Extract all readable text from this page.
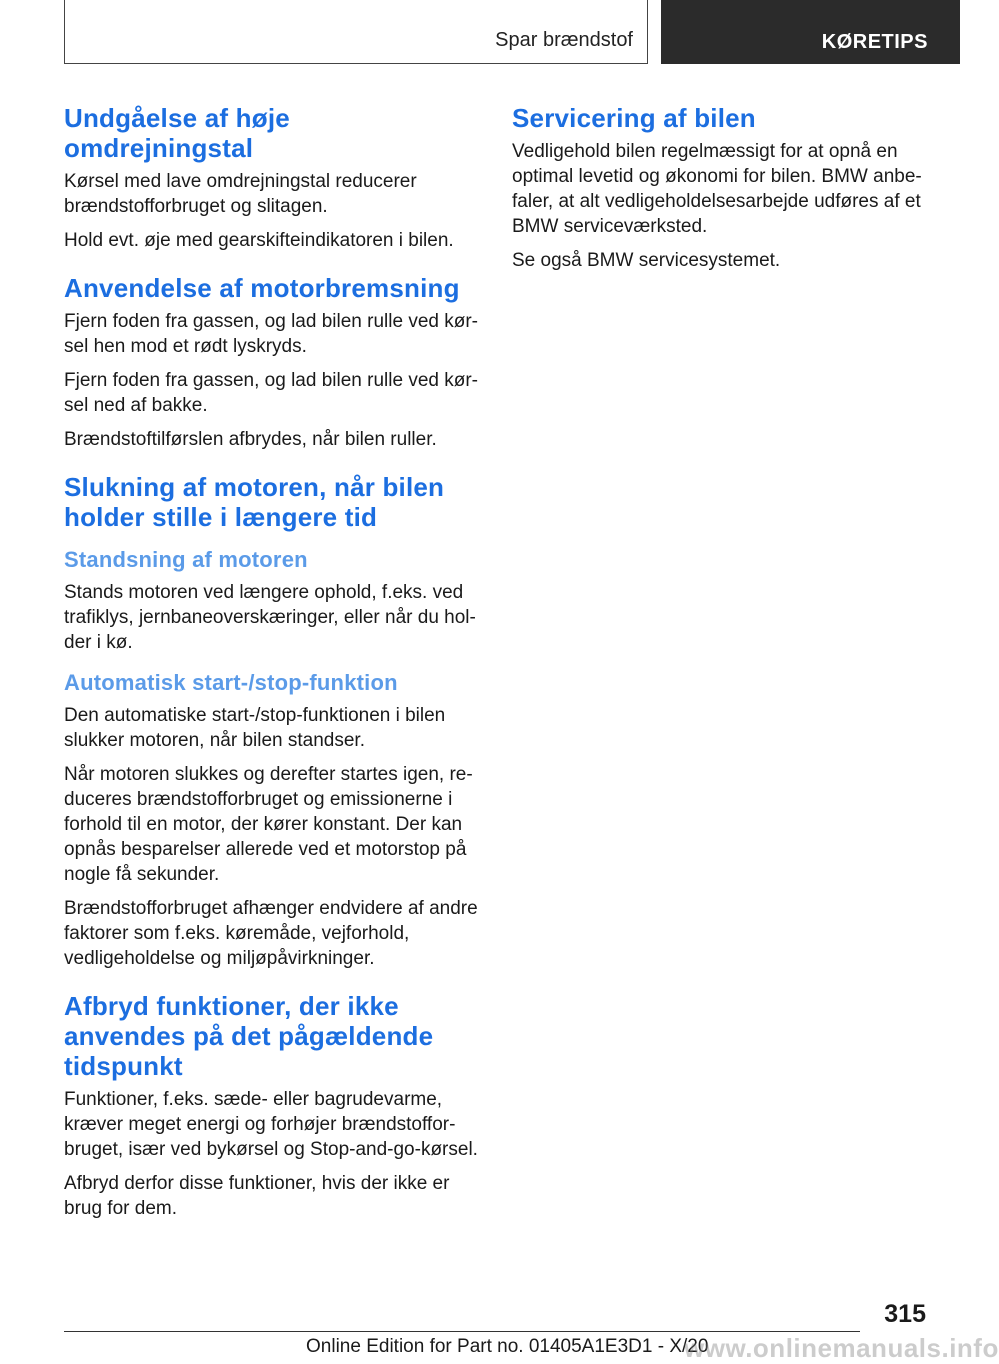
Spar brændstof	KØRETIPS
Undgåelse af høje
omdrejningstal

Kørsel med lave omdrejningstal reducerer brændstofforbruget og slitagen.

Hold evt. øje med gearskifteindikatoren i bilen.

Anvendelse af motorbremsning

Fjern foden fra gassen, og lad bilen rulle ved kørsel hen mod et rødt lyskryds.

Fjern foden fra gassen, og lad bilen rulle ved kørsel ned af bakke.

Brændstoftilførslen afbrydes, når bilen ruller.

Slukning af motoren, når bilen
holder stille i længere tid
Standsning af motoren

Stands motoren ved længere ophold, f.eks. ved trafiklys, jernbaneoverskæringer, eller når du holder i kø.

Automatisk start-/stop-funktion

Den automatiske start-/stop-funktionen i bilen slukker motoren, når bilen standser.

Når motoren slukkes og derefter startes igen, reduceres brændstofforbruget og emissionerne i forhold til en motor, der kører konstant. Der kan opnås besparelser allerede ved et motorstop på nogle få sekunder.

Brændstofforbruget afhænger endvidere af andre faktorer som f.eks. køremåde, vejforhold, vedligeholdelse og miljøpåvirkninger.

Afbryd funktioner, der ikke
anvendes på det pågældende
tidspunkt

Funktioner, f.eks. sæde- eller bagrudevarme, kræver meget energi og forhøjer brændstofforbruget, især ved bykørsel og Stop-and-go-kørsel.

Afbryd derfor disse funktioner, hvis der ikke er brug for dem.

Servicering af bilen

Vedligehold bilen regelmæssigt for at opnå en optimal levetid og økonomi for bilen. BMW anbefaler, at alt vedligeholdelsesarbejde udføres af et BMW serviceværksted.

Se også BMW servicesystemet.

315
Online Edition for Part no. 01405A1E3D1 - X/20
www.onlinemanuals.info
